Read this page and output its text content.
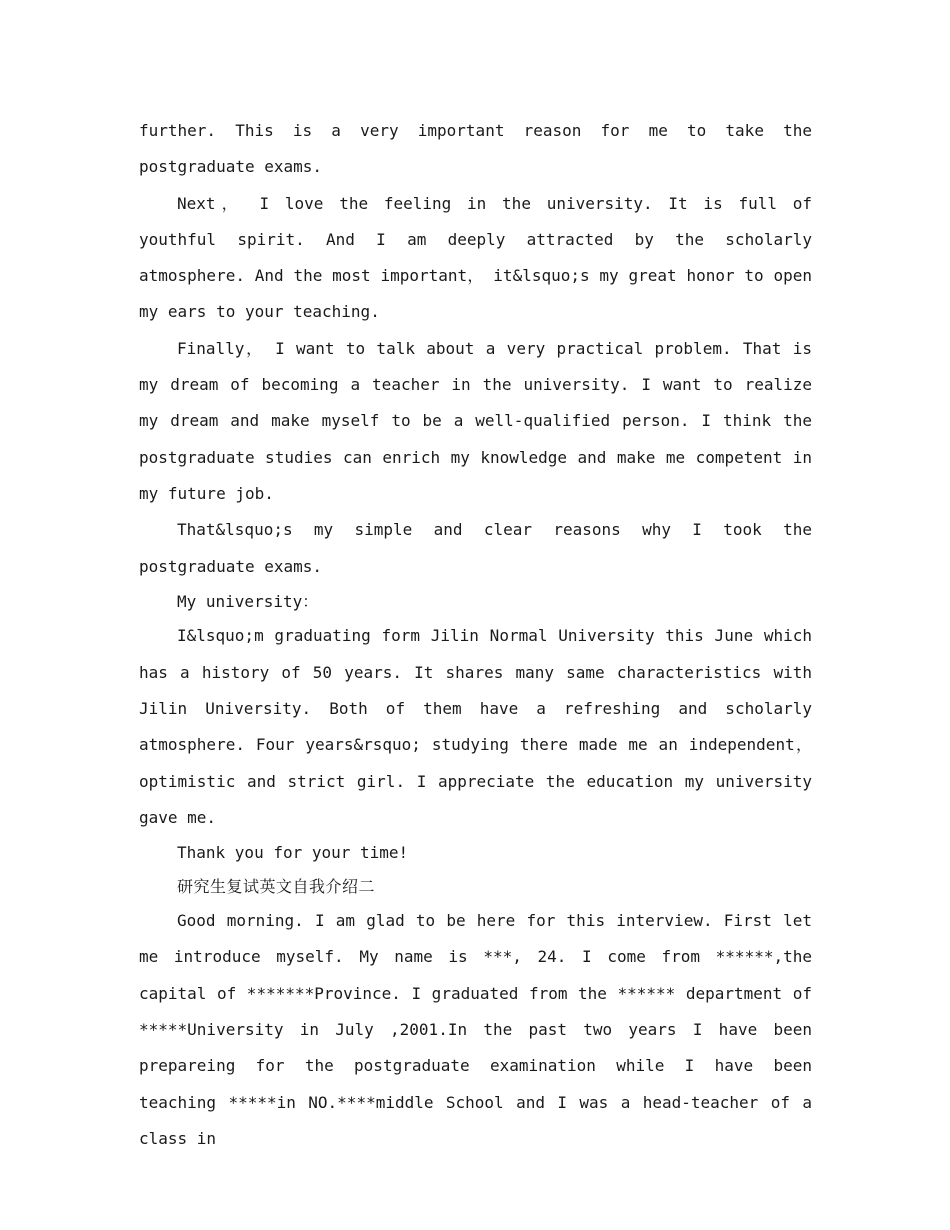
further. This is a very important reason for me to take the postgraduate exams.

Next， I love the feeling in the university. It is full of youthful spirit. And I am deeply attracted by the scholarly atmosphere. And the most important， it&lsquo;s my great honor to open my ears to your teaching.

Finally， I want to talk about a very practical problem. That is my dream of becoming a teacher in the university. I want to realize my dream and make myself to be a well-qualified person. I think the postgraduate studies can enrich my knowledge and make me competent in my future job.

That&lsquo;s my simple and clear reasons why I took the postgraduate exams.

My university：

I&lsquo;m graduating form Jilin Normal University this June which has a history of 50 years. It shares many same characteristics with Jilin University. Both of them have a refreshing and scholarly atmosphere. Four years&rsquo; studying there made me an independent， optimistic and strict girl. I appreciate the education my university gave me.

Thank you for your time!

研究生复试英文自我介绍二

Good morning. I am glad to be here for this interview. First let me introduce myself. My name is ***, 24. I come from ******,the capital of *******Province. I graduated from the ****** department of *****University in July ,2001.In the past two years I have been prepareing for the postgraduate examination while I have been teaching *****in NO.****middle School and I was a head-teacher of a class in
